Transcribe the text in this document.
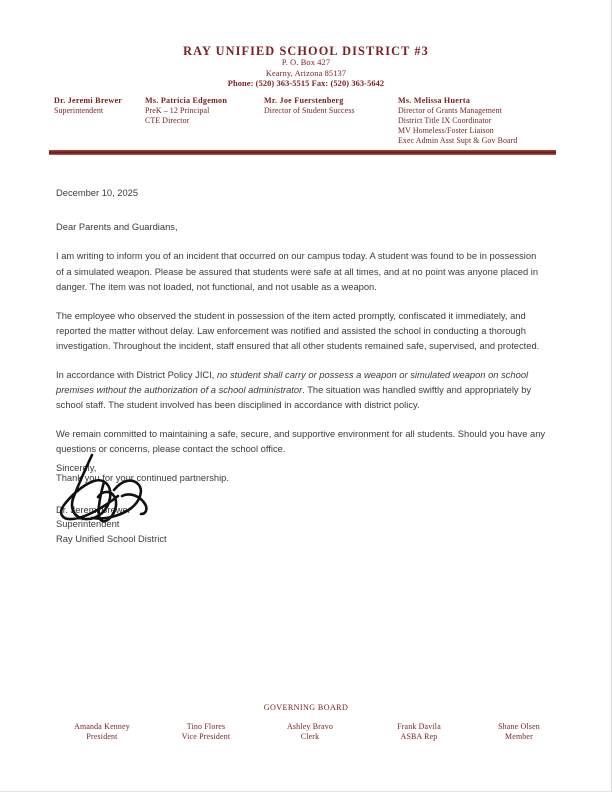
RAY UNIFIED SCHOOL DISTRICT #3
P. O. Box 427
Kearny, Arizona 85137
Phone: (520) 363-5515 Fax: (520) 363-5642
Dr. Jeremi Brewer
Superintendent
Ms. Patricia Edgemon
PreK – 12 Principal
CTE Director
Mr. Joe Fuerstenberg
Director of Student Success
Ms. Melissa Huerta
Director of Grants Management
District Title IX Coordinator
MV Homeless/Foster Liaison
Exec Admin Asst Supt & Gov Board

December 10, 2025

Dear Parents and Guardians,

I am writing to inform you of an incident that occurred on our campus today. A student was found to be in possession of a simulated weapon. Please be assured that students were safe at all times, and at no point was anyone placed in danger. The item was not loaded, not functional, and not usable as a weapon.

The employee who observed the student in possession of the item acted promptly, confiscated it immediately, and reported the matter without delay. Law enforcement was notified and assisted the school in conducting a thorough investigation. Throughout the incident, staff ensured that all other students remained safe, supervised, and protected.

In accordance with District Policy JICI, no student shall carry or possess a weapon or simulated weapon on school premises without the authorization of a school administrator. The situation was handled swiftly and appropriately by school staff. The student involved has been disciplined in accordance with district policy.

We remain committed to maintaining a safe, secure, and supportive environment for all students. Should you have any questions or concerns, please contact the school office.

Thank you for your continued partnership.

Sincerely,
Dr. Jeremi Brewer
Superintendent
Ray Unified School District
GOVERNING BOARD
Amanda Kenney
President
Tino Flores
Vice President
Ashley Bravo
Clerk
Frank Davila
ASBA Rep
Shane Olsen
Member
